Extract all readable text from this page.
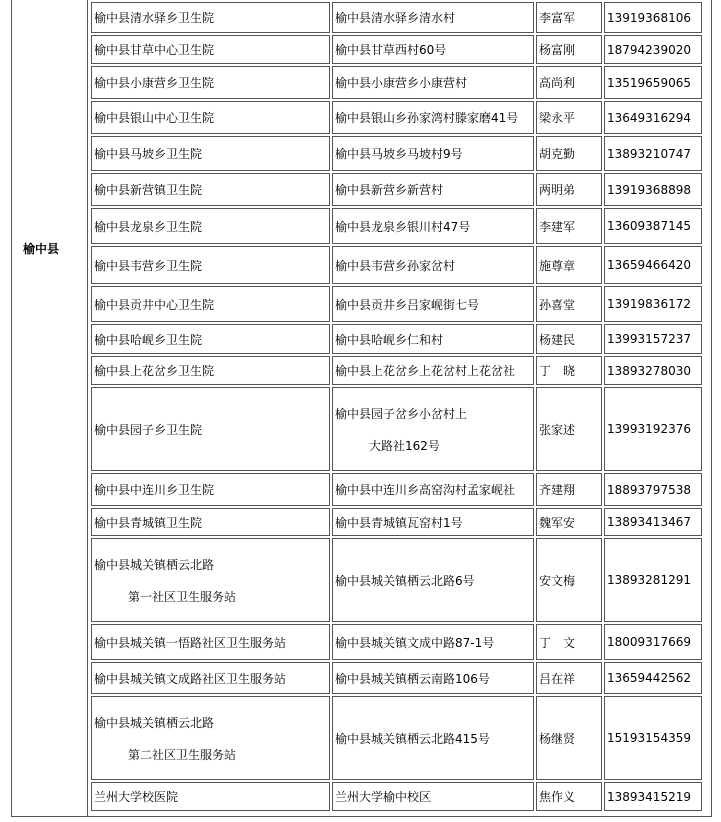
榆中县
榆中县清水驿乡卫生院	榆中县清水驿乡清水村	李富军	13919368106
榆中县甘草中心卫生院	榆中县甘草西村60号	杨富刚	18794239020
榆中县小康营乡卫生院	榆中县小康营乡小康营村	高尚利	13519659065
榆中县银山中心卫生院	榆中县银山乡孙家湾村滕家磨41号	梁永平	13649316294
榆中县马坡乡卫生院	榆中县马坡乡马坡村9号	胡克勤	13893210747
榆中县新营镇卫生院	榆中县新营乡新营村	两明弟	13919368898
榆中县龙泉乡卫生院	榆中县龙泉乡银川村47号	李建军	13609387145
榆中县韦营乡卫生院	榆中县韦营乡孙家岔村	施尊章	13659466420
榆中县贡井中心卫生院	榆中县贡井乡吕家岘街七号	孙喜堂	13919836172
榆中县哈岘乡卫生院	榆中县哈岘乡仁和村	杨建民	13993157237
榆中县上花岔乡卫生院	榆中县上花岔乡上花岔村上花岔社	丁　晓	13893278030
榆中县园子乡卫生院	榆中县园子岔乡小岔村上
大路社162号	张家述	13993192376
榆中县中连川乡卫生院	榆中县中连川乡高窑沟村孟家岘社	齐建翔	18893797538
榆中县青城镇卫生院	榆中县青城镇瓦窑村1号	魏军安	13893413467
榆中县城关镇栖云北路
第一社区卫生服务站	榆中县城关镇栖云北路6号	安文梅	13893281291
榆中县城关镇一悟路社区卫生服务站	榆中县城关镇文成中路87-1号	丁　文	18009317669
榆中县城关镇文成路社区卫生服务站	榆中县城关镇栖云南路106号	吕在祥	13659442562
榆中县城关镇栖云北路
第二社区卫生服务站	榆中县城关镇栖云北路415号	杨继贤	15193154359
兰州大学校医院	兰州大学榆中校区	焦作义	13893415219
